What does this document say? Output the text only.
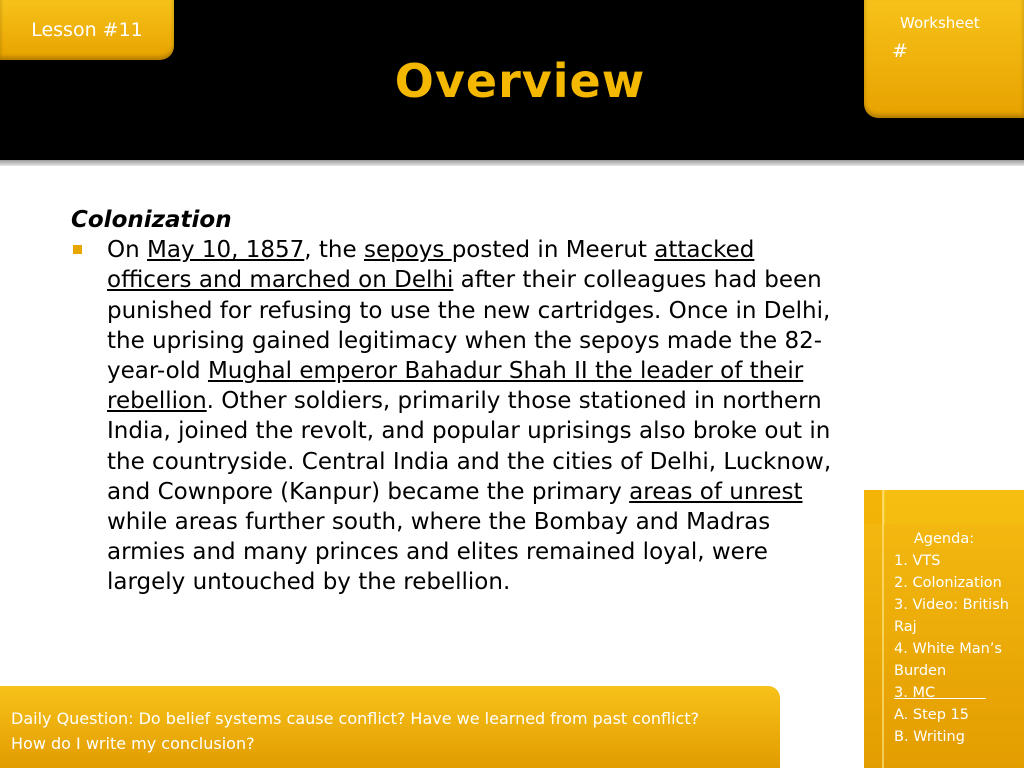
Lesson #11	Worksheet
#
Overview

Colonization

On May 10, 1857, the sepoys posted in Meerut attacked officers and marched on Delhi after their colleagues had been punished for refusing to use the new cartridges. Once in Delhi, the uprising gained legitimacy when the sepoys made the 82-year-old Mughal emperor Bahadur Shah II the leader of their rebellion. Other soldiers, primarily those stationed in northern India, joined the revolt, and popular uprisings also broke out in the countryside. Central India and the cities of Delhi, Lucknow, and Cownpore (Kanpur) became the primary areas of unrest while areas further south, where the Bombay and Madras armies and many princes and elites remained loyal, were largely untouched by the rebellion.

Agenda:
1. VTS
2. Colonization
3. Video: British Raj
4. White Man’s Burden
3. MC
A. Step 15
B. Writing
Daily Question: Do belief systems cause conflict? Have we learned from past conflict?
How do I write my conclusion?
